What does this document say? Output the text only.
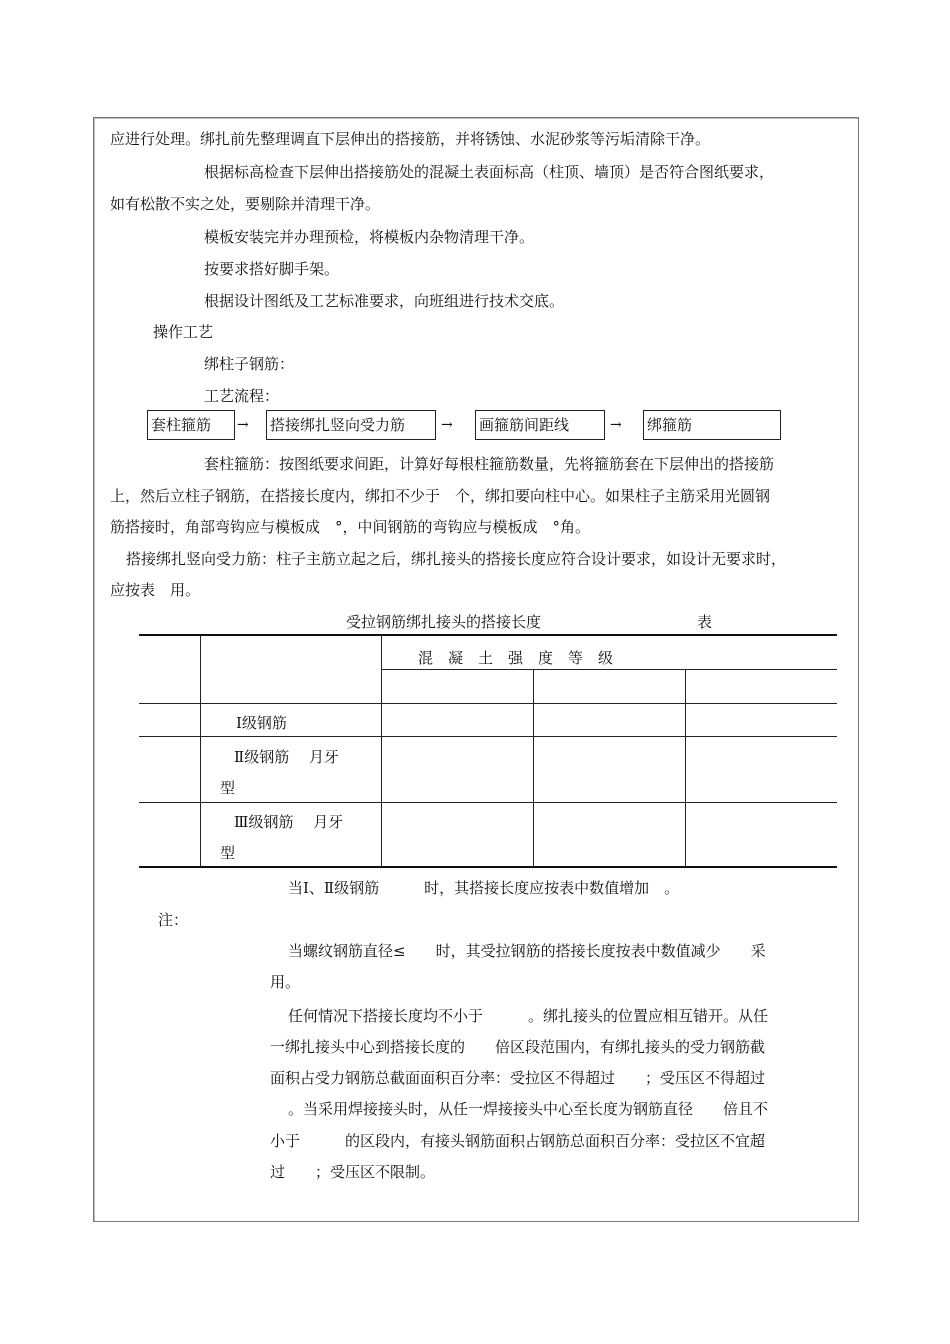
应进行处理。绑扎前先整理调直下层伸出的搭接筋，并将锈蚀、水泥砂浆等污垢清除干净。
根据标高检查下层伸出搭接筋处的混凝土表面标高（柱顶、墙顶）是否符合图纸要求，
如有松散不实之处，要剔除并清理干净。
模板安装完并办理预检，将模板内杂物清理干净。
按要求搭好脚手架。
根据设计图纸及工艺标准要求，向班组进行技术交底。
操作工艺
绑柱子钢筋：
工艺流程：
套柱箍筋	→ 搭接绑扎竖向受力筋	→ 画箍筋间距线	→ 绑箍筋
套柱箍筋：按图纸要求间距，计算好每根柱箍筋数量，先将箍筋套在下层伸出的搭接筋
上，然后立柱子钢筋，在搭接长度内，绑扣不少于　个，绑扣要向柱中心。如果柱子主筋采用光圆钢
筋搭接时，角部弯钩应与模板成　°，中间钢筋的弯钩应与模板成　°角。
搭接绑扎竖向受力筋：柱子主筋立起之后，绑扎接头的搭接长度应符合设计要求，如设计无要求时，
应按表　用。
受拉钢筋绑扎接头的搭接长度	表
混　凝　土　强　度　等　级
Ⅰ级钢筋
Ⅱ级钢筋　 月牙
型
Ⅲ级钢筋　 月牙
型
当Ⅰ、Ⅱ级钢筋　　　时，其搭接长度应按表中数值增加　。
注：
当螺纹钢筋直径≤　　时，其受拉钢筋的搭接长度按表中数值减少　　采
用。
任何情况下搭接长度均不小于　　　。绑扎接头的位置应相互错开。从任
一绑扎接头中心到搭接长度的　　倍区段范围内，有绑扎接头的受力钢筋截
面积占受力钢筋总截面面积百分率：受拉区不得超过　　；受压区不得超过
。当采用焊接接头时，从任一焊接接头中心至长度为钢筋直径　　倍且不
小于　　　的区段内，有接头钢筋面积占钢筋总面积百分率：受拉区不宜超
过　　；受压区不限制。
